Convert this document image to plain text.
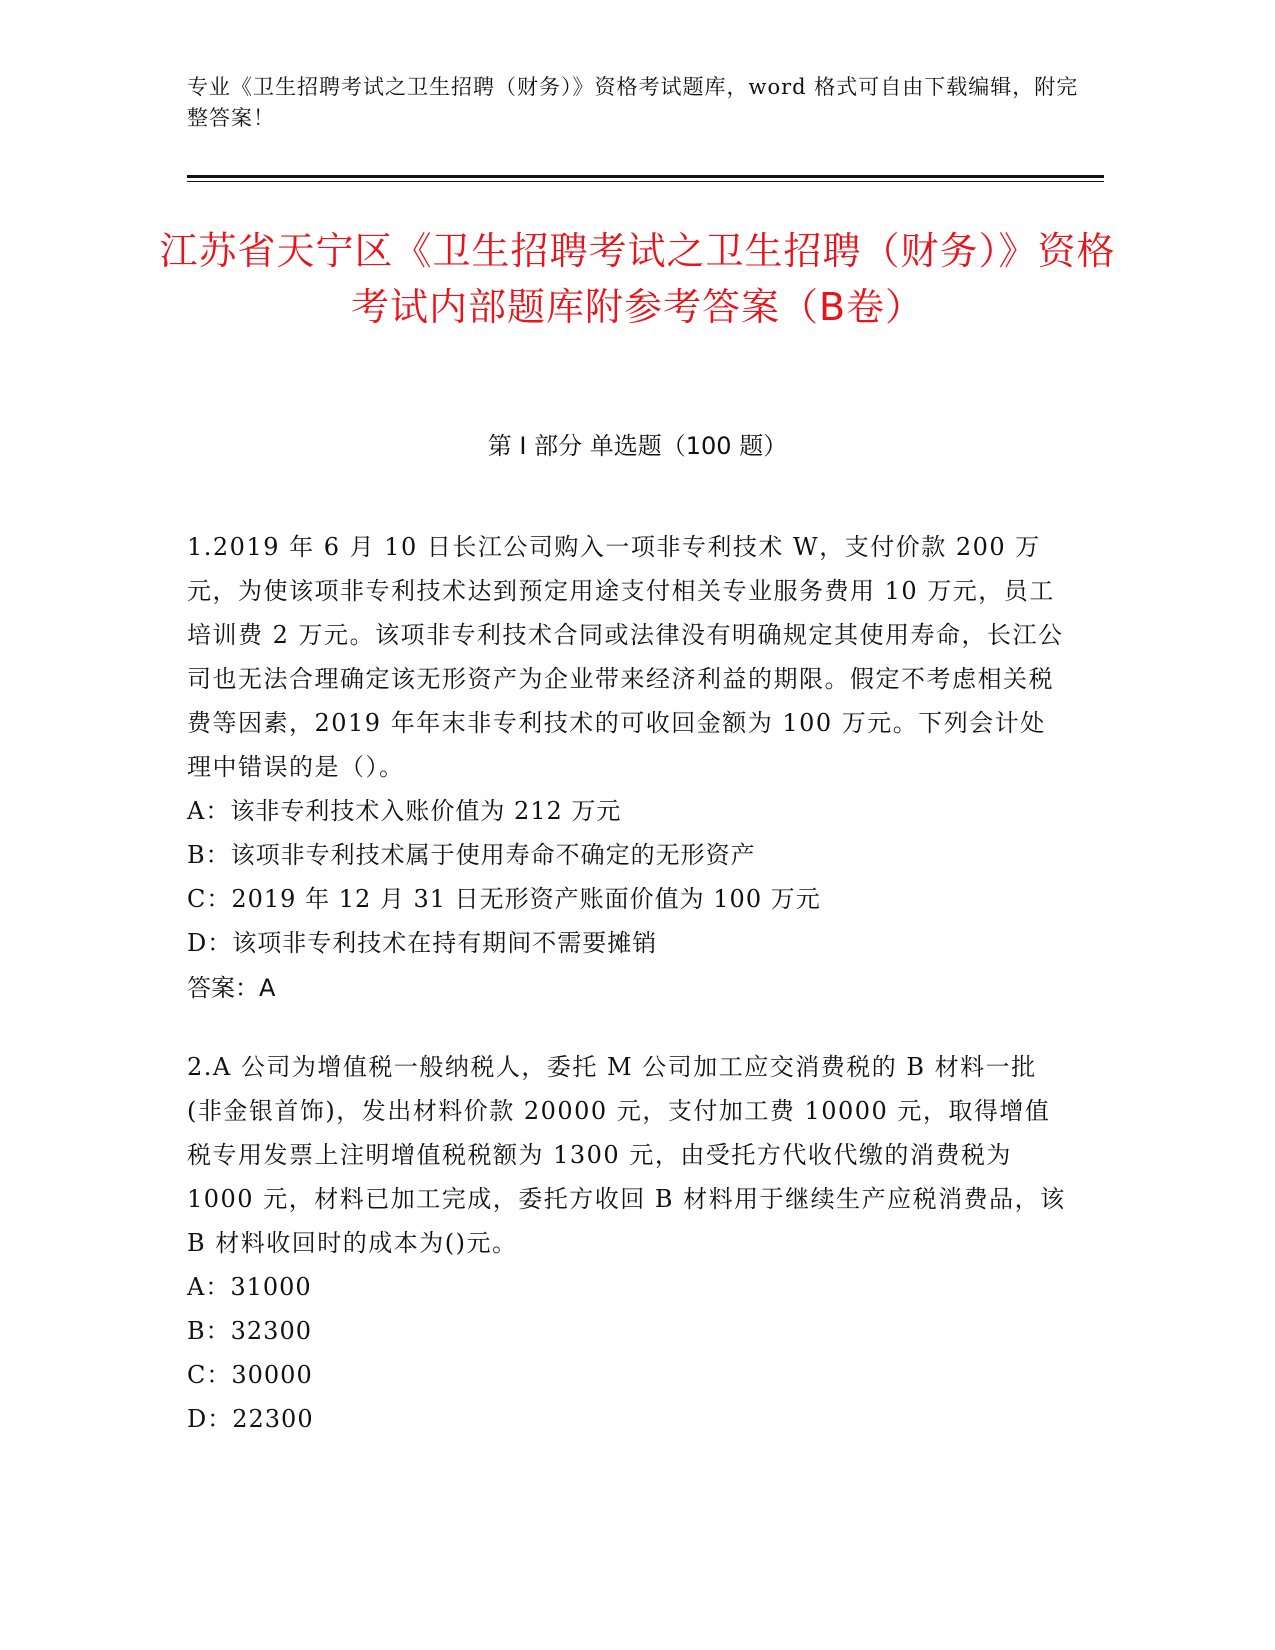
专业《卫生招聘考试之卫生招聘（财务）》资格考试题库，word 格式可自由下载编辑，附完整答案！
江苏省天宁区《卫生招聘考试之卫生招聘（财务）》资格考试内部题库附参考答案（B卷）
第 I 部分 单选题（100 题）
1.2019 年 6 月 10 日长江公司购入一项非专利技术 W，支付价款 200 万元，为使该项非专利技术达到预定用途支付相关专业服务费用 10 万元，员工培训费 2 万元。该项非专利技术合同或法律没有明确规定其使用寿命，长江公司也无法合理确定该无形资产为企业带来经济利益的期限。假定不考虑相关税费等因素，2019 年年末非专利技术的可收回金额为 100 万元。下列会计处理中错误的是（）。
A：该非专利技术入账价值为 212 万元
B：该项非专利技术属于使用寿命不确定的无形资产
C：2019 年 12 月 31 日无形资产账面价值为 100 万元
D：该项非专利技术在持有期间不需要摊销
答案：A
2.A 公司为增值税一般纳税人，委托 M 公司加工应交消费税的 B 材料一批(非金银首饰)，发出材料价款 20000 元，支付加工费 10000 元，取得增值税专用发票上注明增值税税额为 1300 元，由受托方代收代缴的消费税为 1000 元，材料已加工完成，委托方收回 B 材料用于继续生产应税消费品，该 B 材料收回时的成本为()元。
A：31000
B：32300
C：30000
D：22300
